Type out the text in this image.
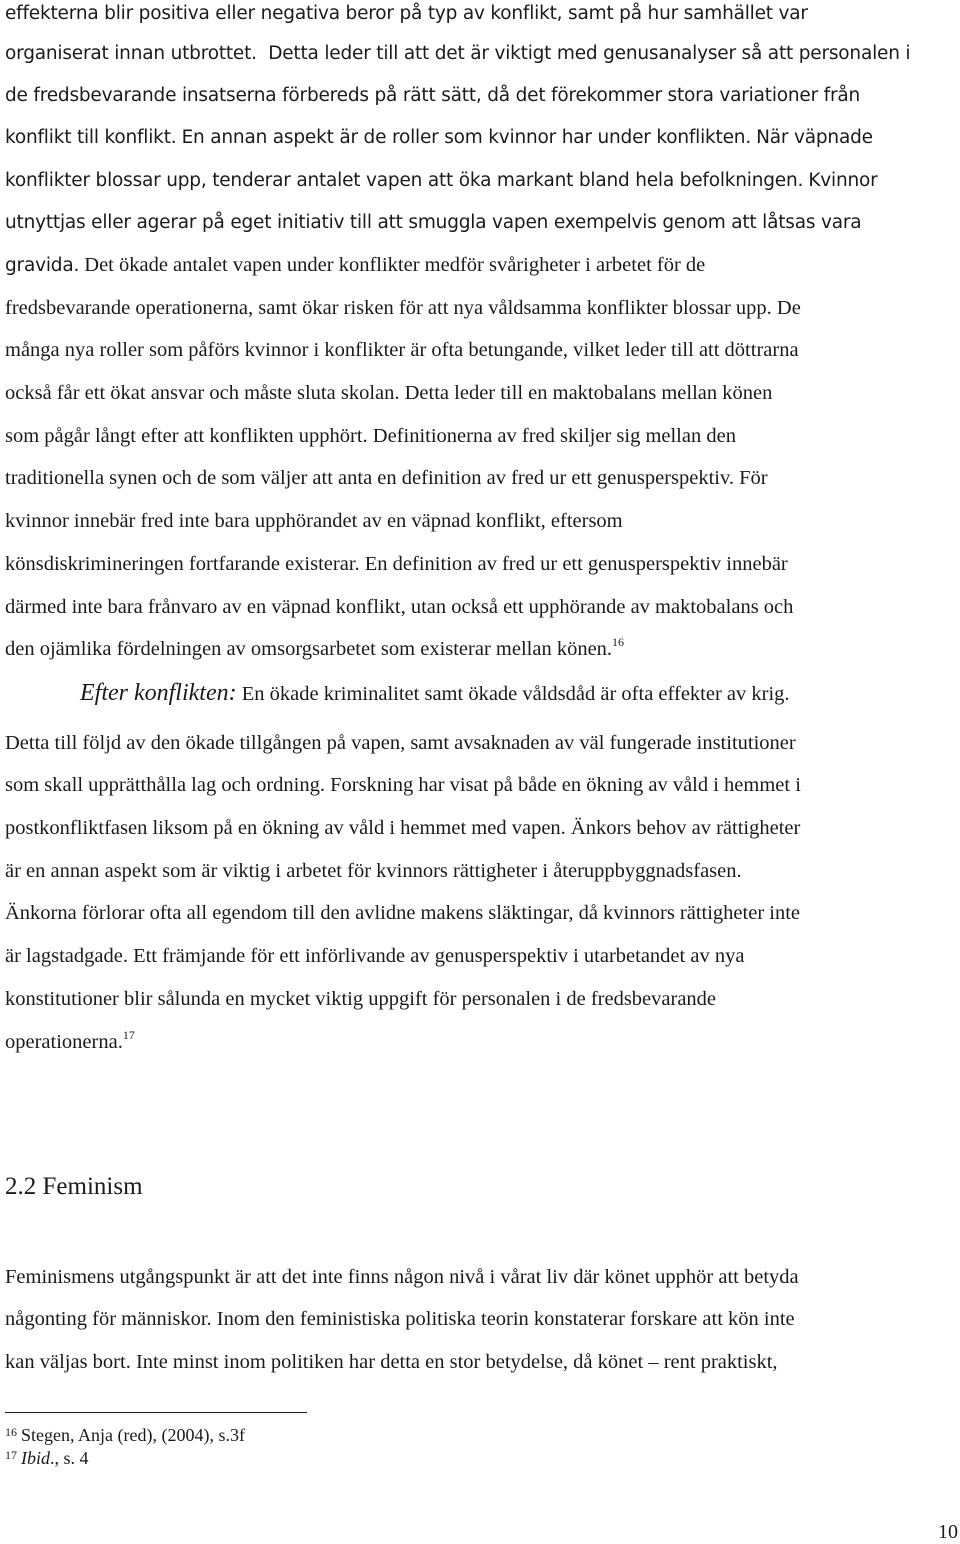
effekterna blir positiva eller negativa beror på typ av konflikt, samt på hur samhället var
organiserat innan utbrottet.  Detta leder till att det är viktigt med genusanalyser så att personalen i
de fredsbevarande insatserna förbereds på rätt sätt, då det förekommer stora variationer från
konflikt till konflikt. En annan aspekt är de roller som kvinnor har under konflikten. När väpnade
konflikter blossar upp, tenderar antalet vapen att öka markant bland hela befolkningen. Kvinnor
utnyttjas eller agerar på eget initiativ till att smuggla vapen exempelvis genom att låtsas vara
gravida. Det ökade antalet vapen under konflikter medför svårigheter i arbetet för de
fredsbevarande operationerna, samt ökar risken för att nya våldsamma konflikter blossar upp. De
många nya roller som påförs kvinnor i konflikter är ofta betungande, vilket leder till att döttrarna
också får ett ökat ansvar och måste sluta skolan. Detta leder till en maktobalans mellan könen
som pågår långt efter att konflikten upphört. Definitionerna av fred skiljer sig mellan den
traditionella synen och de som väljer att anta en definition av fred ur ett genusperspektiv. För
kvinnor innebär fred inte bara upphörandet av en väpnad konflikt, eftersom
könsdiskrimineringen fortfarande existerar. En definition av fred ur ett genusperspektiv innebär
därmed inte bara frånvaro av en väpnad konflikt, utan också ett upphörande av maktobalans och
den ojämlika fördelningen av omsorgsarbetet som existerar mellan könen.$^{16}$
Efter konflikten: En ökade kriminalitet samt ökade våldsdåd är ofta effekter av krig.
Detta till följd av den ökade tillgången på vapen, samt avsaknaden av väl fungerade institutioner
som skall upprätthålla lag och ordning. Forskning har visat på både en ökning av våld i hemmet i
postkonfliktfasen liksom på en ökning av våld i hemmet med vapen. Änkors behov av rättigheter
är en annan aspekt som är viktig i arbetet för kvinnors rättigheter i återuppbyggnadsfasen.
Änkorna förlorar ofta all egendom till den avlidne makens släktingar, då kvinnors rättigheter inte
är lagstadgade. Ett främjande för ett införlivande av genusperspektiv i utarbetandet av nya
konstitutioner blir sålunda en mycket viktig uppgift för personalen i de fredsbevarande
operationerna.$^{17}$
2.2 Feminism
Feminismens utgångspunkt är att det inte finns någon nivå i vårat liv där könet upphör att betyda
någonting för människor. Inom den feministiska politiska teorin konstaterar forskare att kön inte
kan väljas bort. Inte minst inom politiken har detta en stor betydelse, då könet – rent praktiskt,
$^{16}$ Stegen, Anja (red), (2004), s.3f
$^{17}$ Ibid., s. 4
10
